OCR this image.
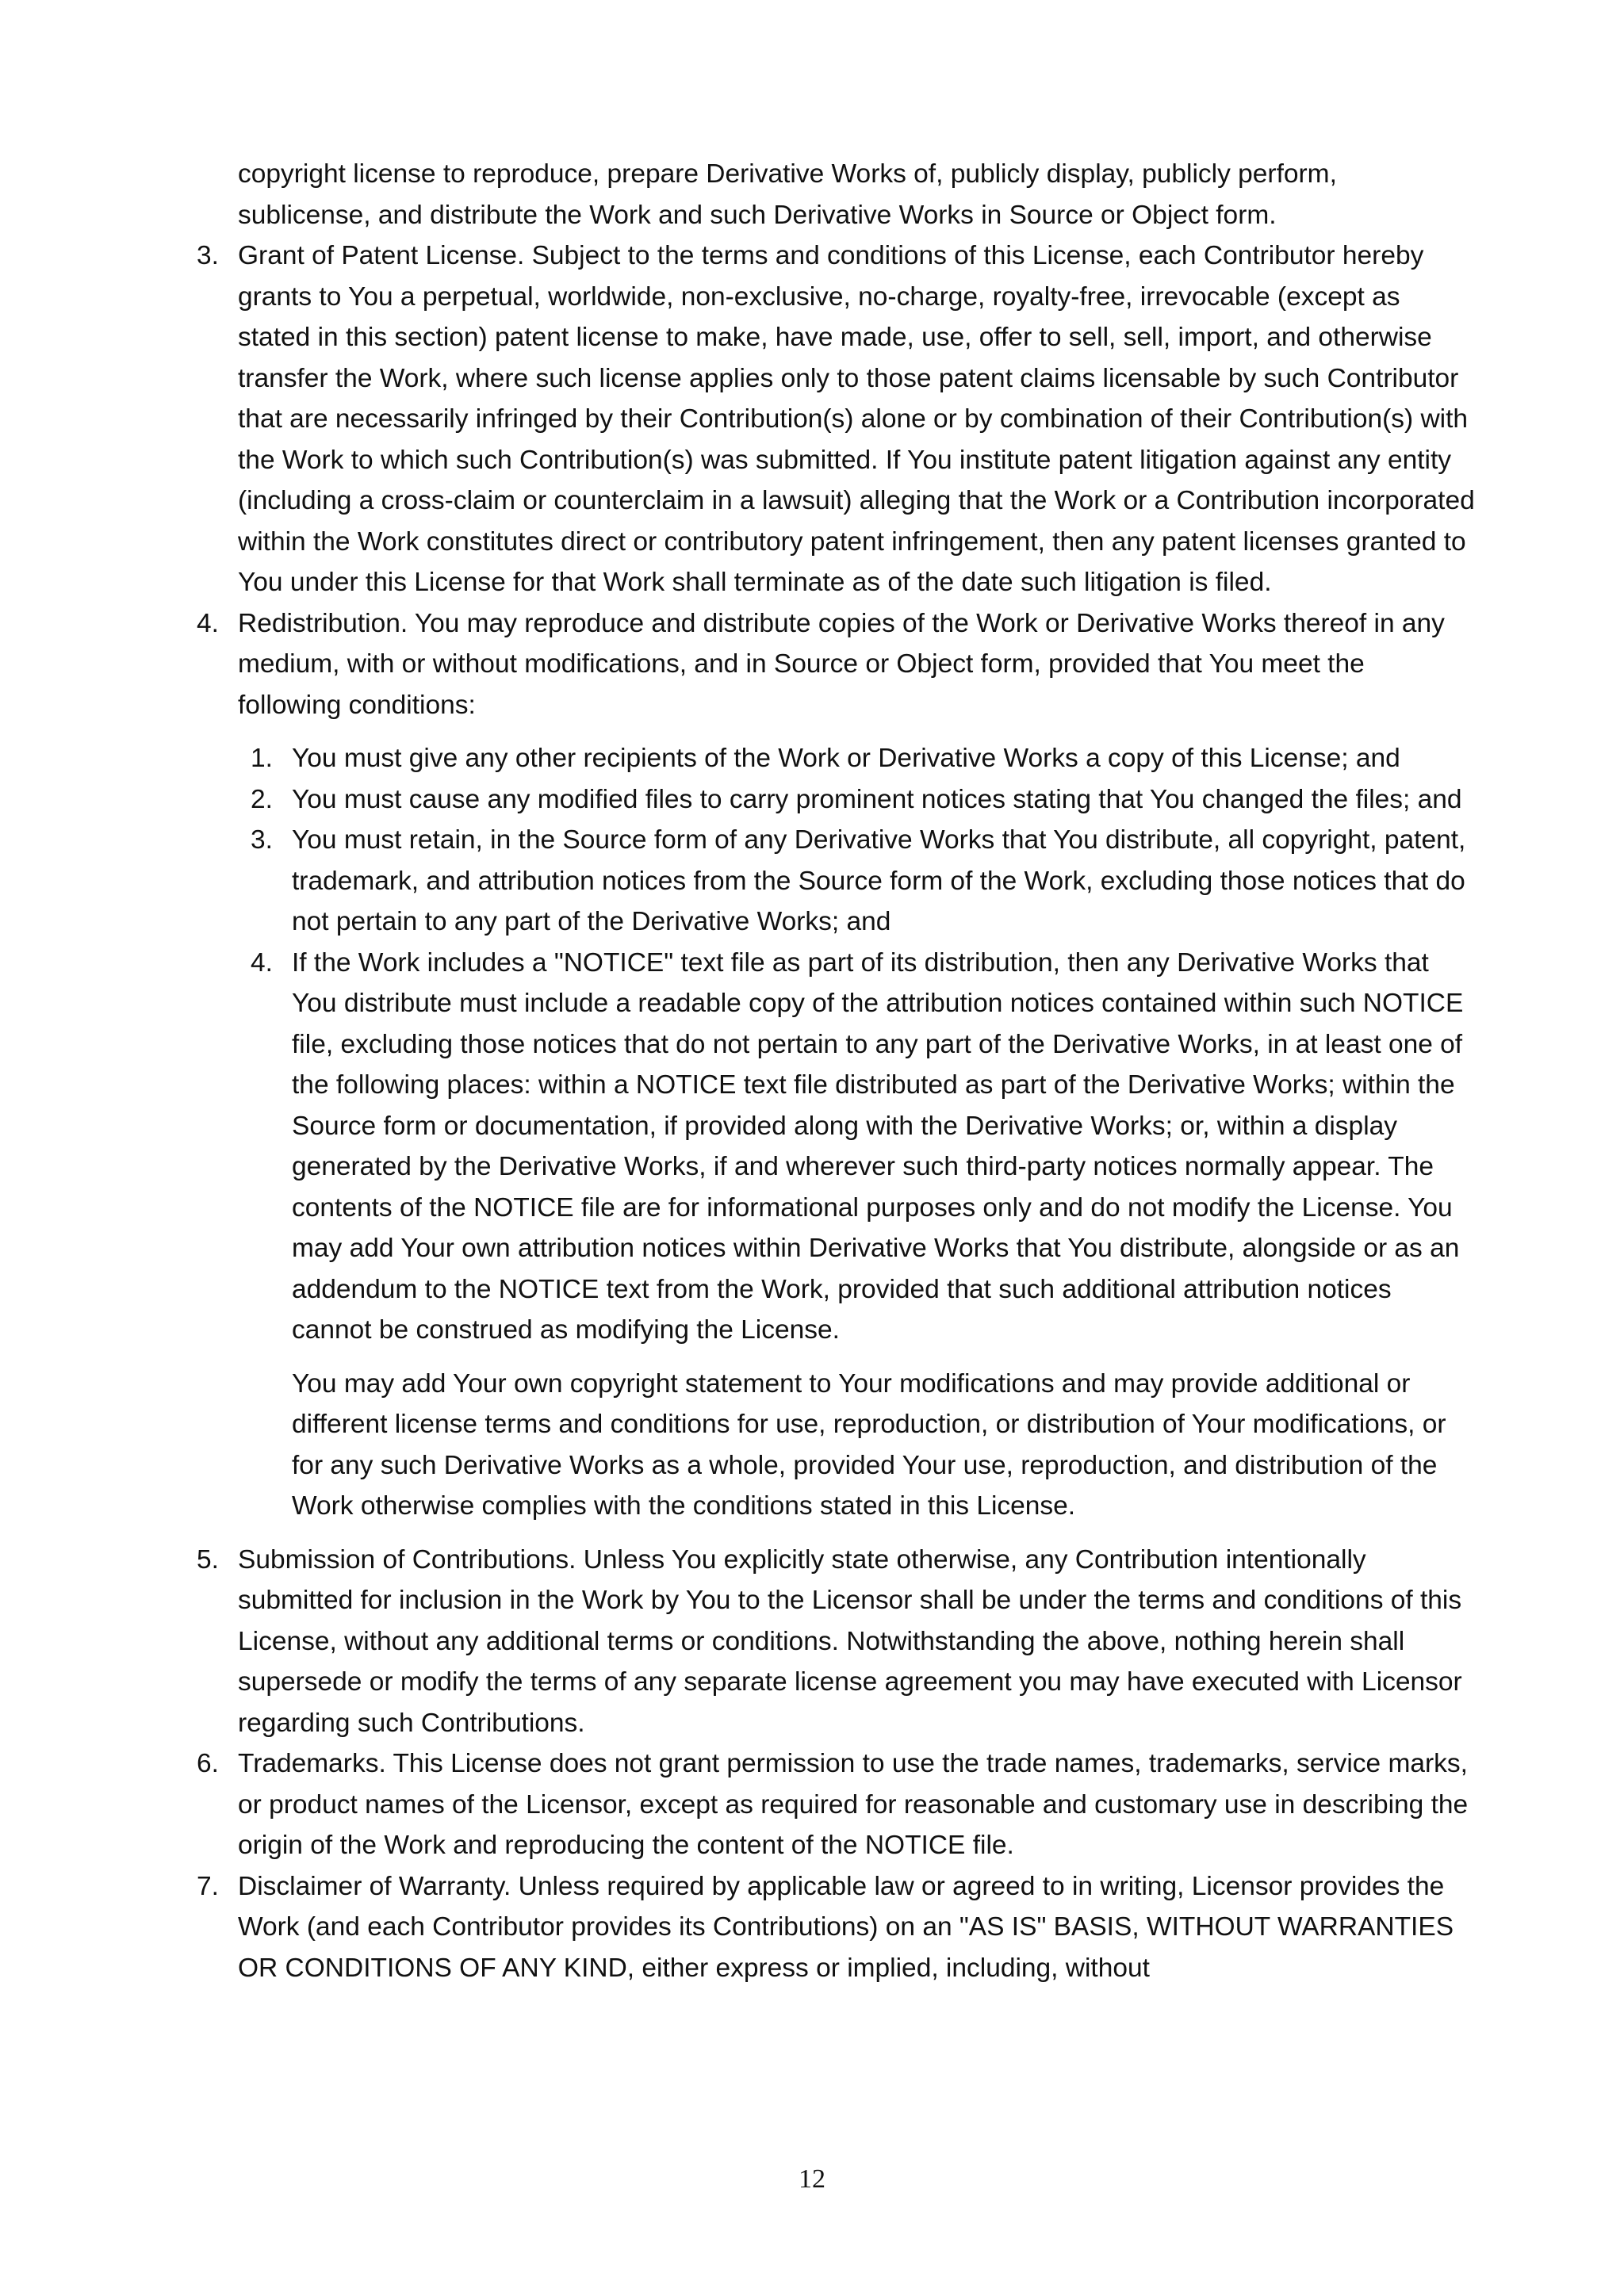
copyright license to reproduce, prepare Derivative Works of, publicly display, publicly perform, sublicense, and distribute the Work and such Derivative Works in Source or Object form.

3. Grant of Patent License. Subject to the terms and conditions of this License, each Contributor hereby grants to You a perpetual, worldwide, non-exclusive, no-charge, royalty-free, irrevocable (except as stated in this section) patent license to make, have made, use, offer to sell, sell, import, and otherwise transfer the Work, where such license applies only to those patent claims licensable by such Contributor that are necessarily infringed by their Contribution(s) alone or by combination of their Contribution(s) with the Work to which such Contribution(s) was submitted. If You institute patent litigation against any entity (including a cross-claim or counterclaim in a lawsuit) alleging that the Work or a Contribution incorporated within the Work constitutes direct or contributory patent infringement, then any patent licenses granted to You under this License for that Work shall terminate as of the date such litigation is filed.

4. Redistribution. You may reproduce and distribute copies of the Work or Derivative Works thereof in any medium, with or without modifications, and in Source or Object form, provided that You meet the following conditions:

1. You must give any other recipients of the Work or Derivative Works a copy of this License; and

2. You must cause any modified files to carry prominent notices stating that You changed the files; and

3. You must retain, in the Source form of any Derivative Works that You distribute, all copyright, patent, trademark, and attribution notices from the Source form of the Work, excluding those notices that do not pertain to any part of the Derivative Works; and

4. If the Work includes a "NOTICE" text file as part of its distribution, then any Derivative Works that You distribute must include a readable copy of the attribution notices contained within such NOTICE file, excluding those notices that do not pertain to any part of the Derivative Works, in at least one of the following places: within a NOTICE text file distributed as part of the Derivative Works; within the Source form or documentation, if provided along with the Derivative Works; or, within a display generated by the Derivative Works, if and wherever such third-party notices normally appear. The contents of the NOTICE file are for informational purposes only and do not modify the License. You may add Your own attribution notices within Derivative Works that You distribute, alongside or as an addendum to the NOTICE text from the Work, provided that such additional attribution notices cannot be construed as modifying the License.

You may add Your own copyright statement to Your modifications and may provide additional or different license terms and conditions for use, reproduction, or distribution of Your modifications, or for any such Derivative Works as a whole, provided Your use, reproduction, and distribution of the Work otherwise complies with the conditions stated in this License.

5. Submission of Contributions. Unless You explicitly state otherwise, any Contribution intentionally submitted for inclusion in the Work by You to the Licensor shall be under the terms and conditions of this License, without any additional terms or conditions. Notwithstanding the above, nothing herein shall supersede or modify the terms of any separate license agreement you may have executed with Licensor regarding such Contributions.

6. Trademarks. This License does not grant permission to use the trade names, trademarks, service marks, or product names of the Licensor, except as required for reasonable and customary use in describing the origin of the Work and reproducing the content of the NOTICE file.

7. Disclaimer of Warranty. Unless required by applicable law or agreed to in writing, Licensor provides the Work (and each Contributor provides its Contributions) on an "AS IS" BASIS, WITHOUT WARRANTIES OR CONDITIONS OF ANY KIND, either express or implied, including, without

12
